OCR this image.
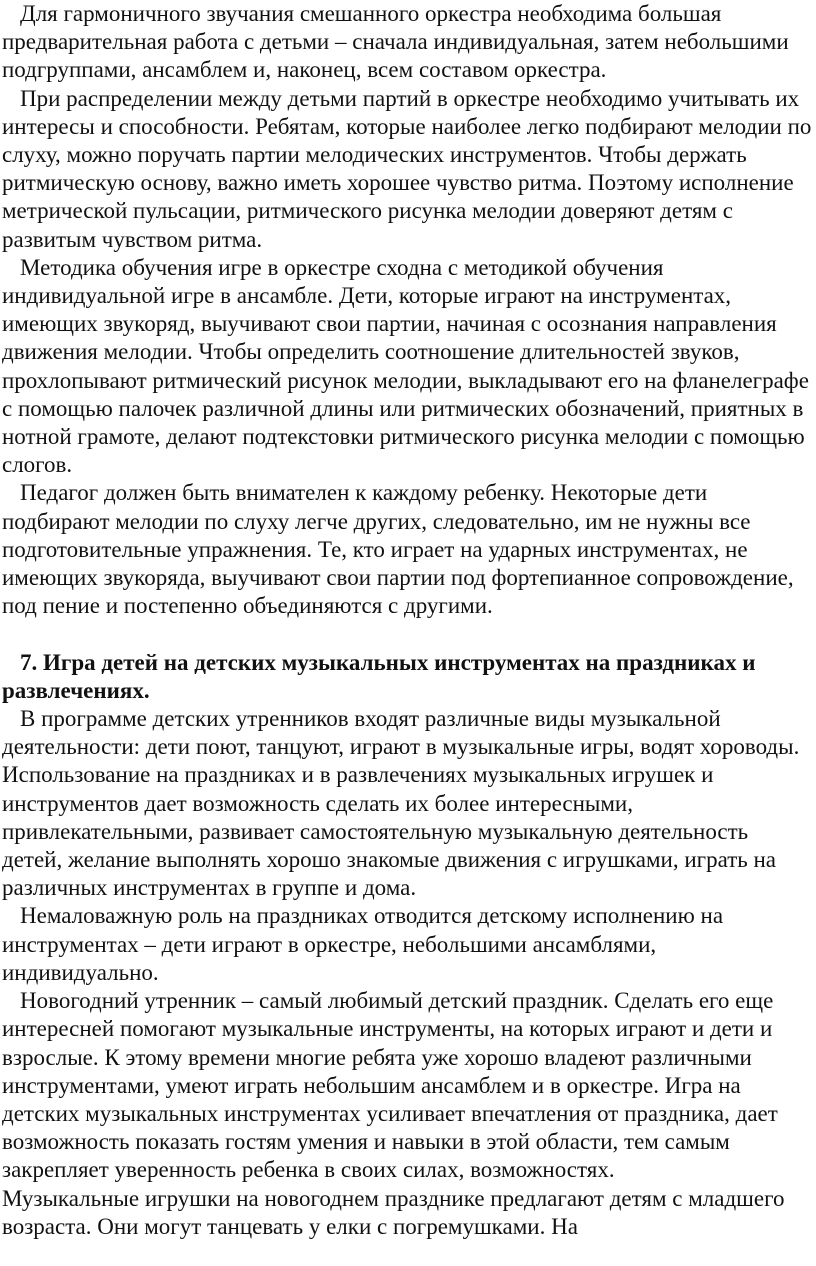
Для гармоничного звучания смешанного оркестра необходима большая предварительная работа с детьми – сначала индивидуальная, затем небольшими подгруппами, ансамблем и, наконец, всем составом оркестра.

При распределении между детьми партий в оркестре необходимо учитывать их интересы и способности. Ребятам, которые наиболее легко подбирают мелодии по слуху, можно поручать партии мелодических инструментов. Чтобы держать ритмическую основу, важно иметь хорошее чувство ритма. Поэтому исполнение метрической пульсации, ритмического рисунка мелодии доверяют детям с развитым чувством ритма.

Методика обучения игре в оркестре сходна с методикой обучения индивидуальной игре в ансамбле. Дети, которые играют на инструментах, имеющих звукоряд, выучивают свои партии, начиная с осознания направления движения мелодии. Чтобы определить соотношение длительностей звуков, прохлопывают ритмический рисунок мелодии, выкладывают его на фланелеграфе с помощью палочек различной длины или ритмических обозначений, приятных в нотной грамоте, делают подтекстовки ритмического рисунка мелодии с помощью слогов.

Педагог должен быть внимателен к каждому ребенку. Некоторые дети подбирают мелодии по слуху легче других, следовательно, им не нужны все подготовительные упражнения. Те, кто играет на ударных инструментах, не имеющих звукоряда, выучивают свои партии под фортепианное сопровождение, под пение и постепенно объединяются с другими.

7. Игра детей на детских музыкальных инструментах на праздниках и развлечениях.

В программе детских утренников входят различные виды музыкальной деятельности: дети поют, танцуют, играют в музыкальные игры, водят хороводы. Использование на праздниках и в развлечениях музыкальных игрушек и инструментов дает возможность сделать их более интересными, привлекательными, развивает самостоятельную музыкальную деятельность детей, желание выполнять хорошо знакомые движения с игрушками, играть на различных инструментах в группе и дома.

Немаловажную роль на праздниках отводится детскому исполнению на инструментах – дети играют в оркестре, небольшими ансамблями, индивидуально.

Новогодний утренник – самый любимый детский праздник. Сделать его еще интересней помогают музыкальные инструменты, на которых играют и дети и взрослые. К этому времени многие ребята уже хорошо владеют различными инструментами, умеют играть небольшим ансамблем и в оркестре. Игра на детских музыкальных инструментах усиливает впечатления от праздника, дает возможность показать гостям умения и навыки в этой области, тем самым закрепляет уверенность ребенка в своих силах, возможностях.

Музыкальные игрушки на новогоднем празднике предлагают детям с младшего возраста. Они могут танцевать у елки с погремушками. На
